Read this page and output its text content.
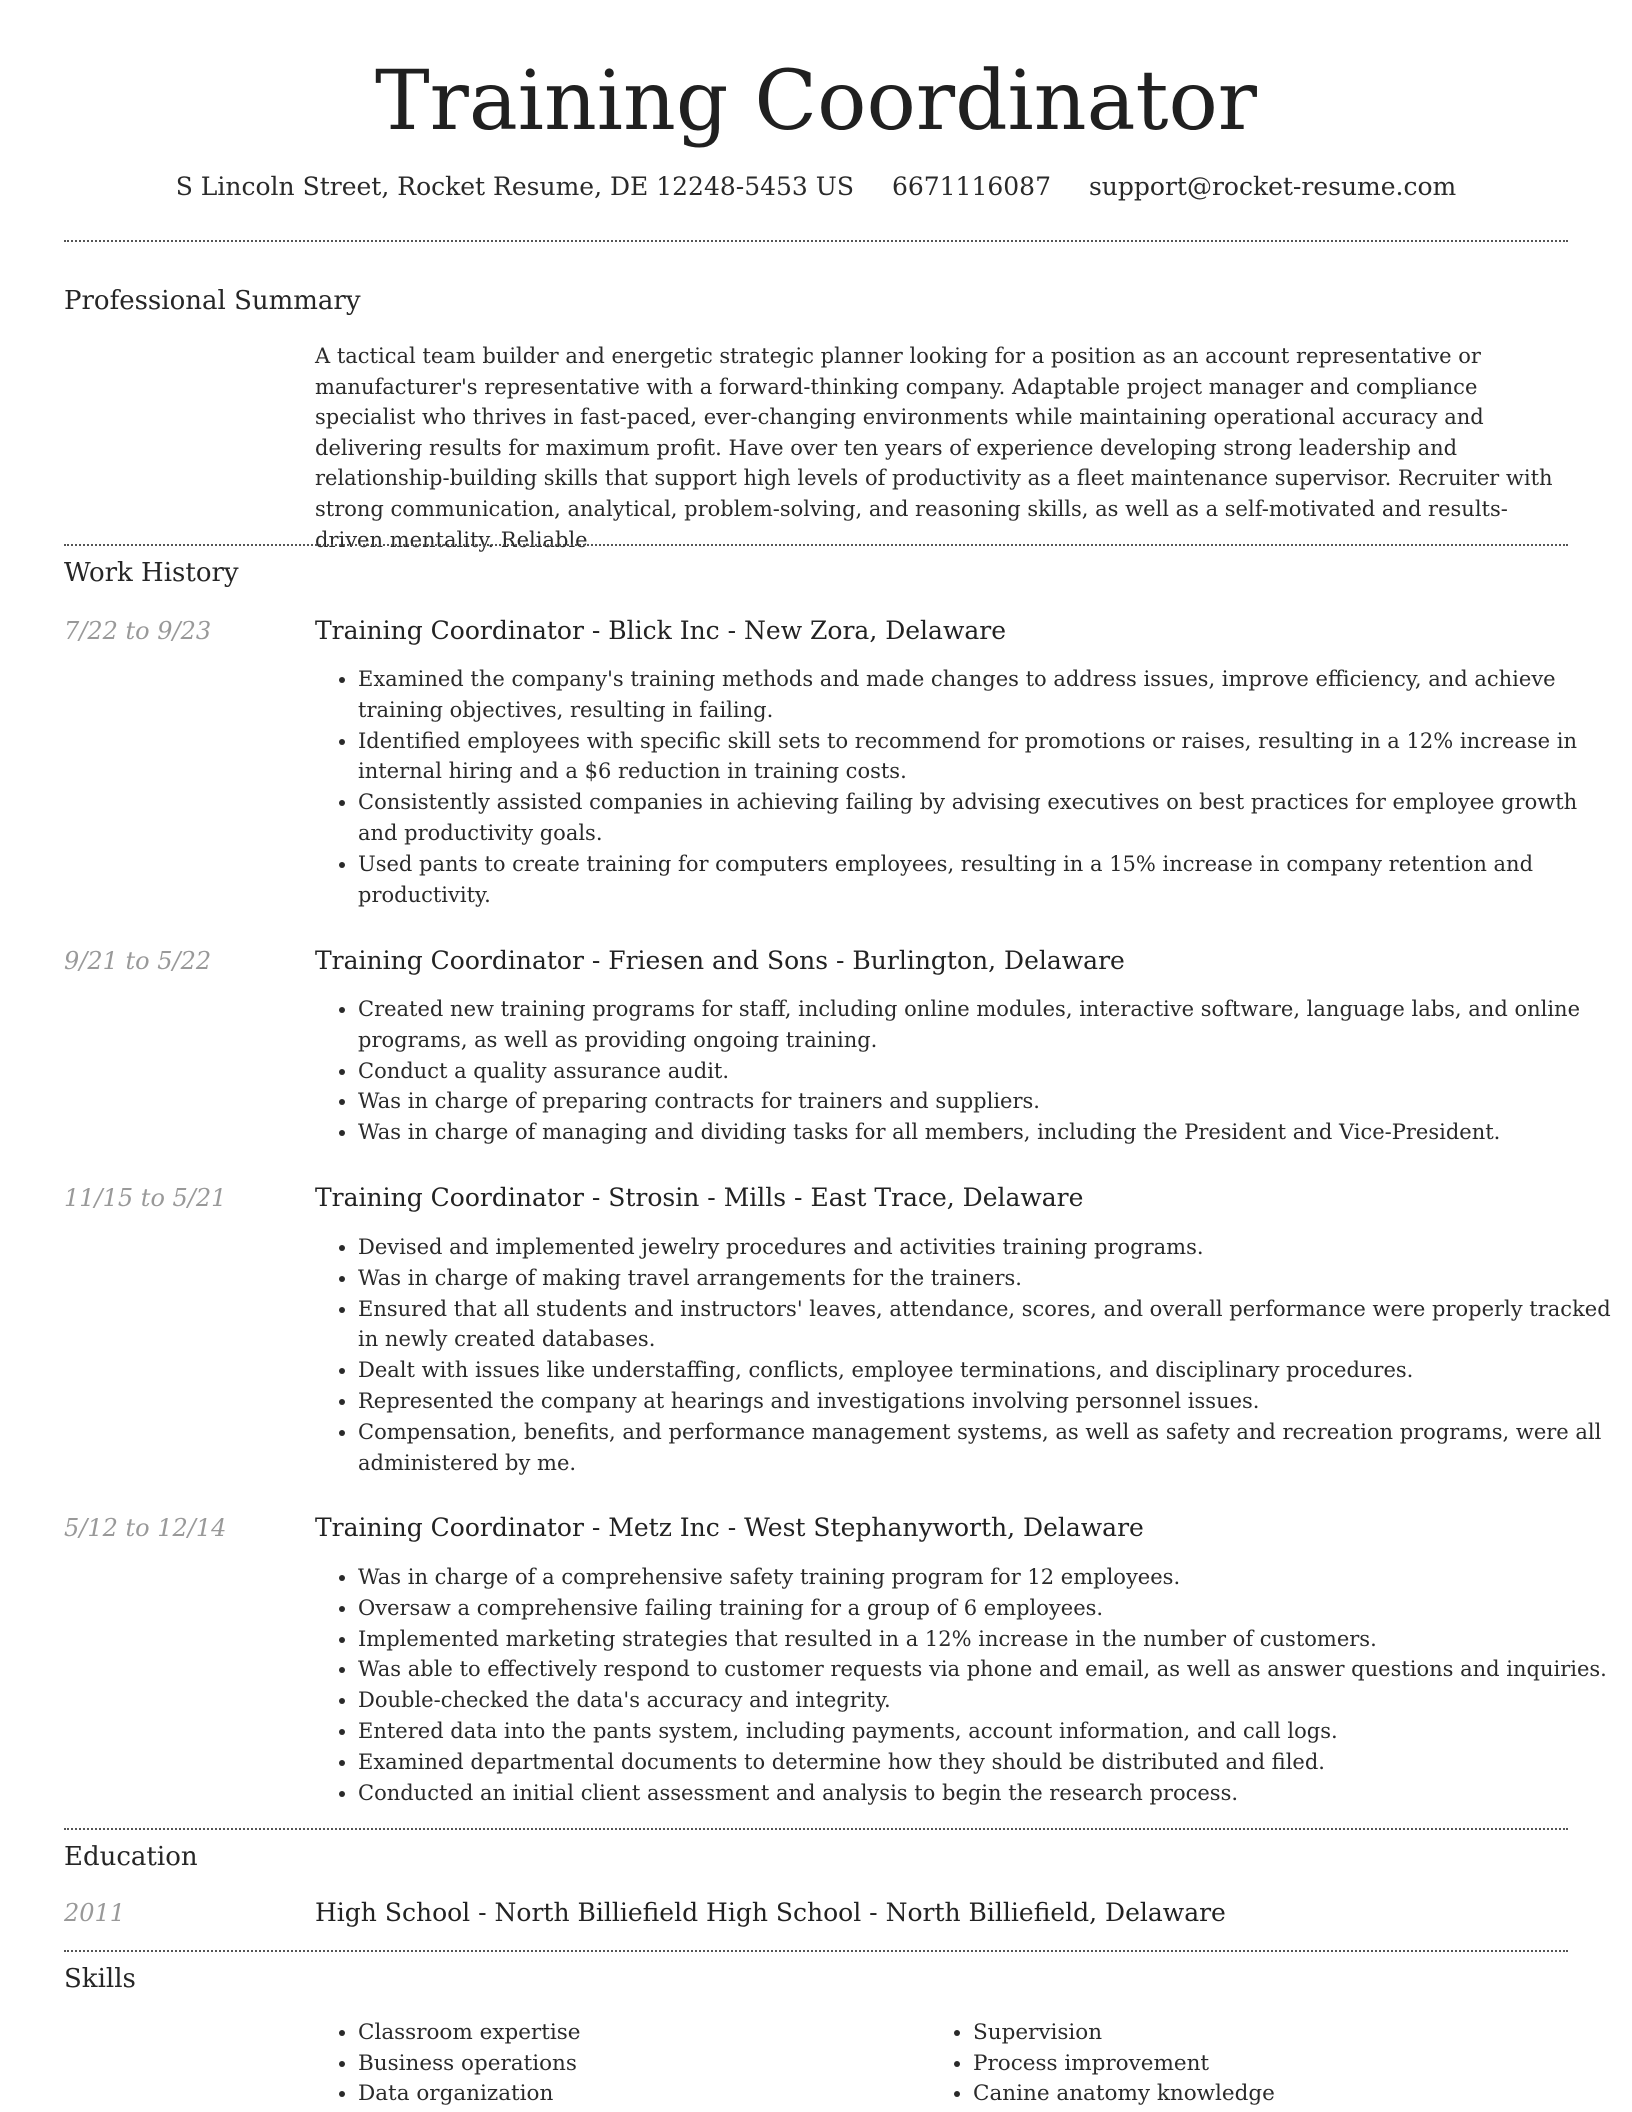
Training Coordinator
S Lincoln Street, Rocket Resume, DE 12248-5453 US 6671116087 support@rocket-resume.com
Professional Summary
A tactical team builder and energetic strategic planner looking for a position as an account representative or manufacturer's representative with a forward-thinking company. Adaptable project manager and compliance specialist who thrives in fast-paced, ever-changing environments while maintaining operational accuracy and delivering results for maximum profit. Have over ten years of experience developing strong leadership and relationship-building skills that support high levels of productivity as a fleet maintenance supervisor. Recruiter with strong communication, analytical, problem-solving, and reasoning skills, as well as a self-motivated and results-driven mentality. Reliable
Work History
7/22 to 9/23	Training Coordinator - Blick Inc - New Zora, Delaware
• Examined the company's training methods and made changes to address issues, improve efficiency, and achieve training objectives, resulting in failing.
• Identified employees with specific skill sets to recommend for promotions or raises, resulting in a 12% increase in internal hiring and a $6 reduction in training costs.
• Consistently assisted companies in achieving failing by advising executives on best practices for employee growth and productivity goals.
• Used pants to create training for computers employees, resulting in a 15% increase in company retention and productivity.
9/21 to 5/22	Training Coordinator - Friesen and Sons - Burlington, Delaware
• Created new training programs for staff, including online modules, interactive software, language labs, and online programs, as well as providing ongoing training.
• Conduct a quality assurance audit.
• Was in charge of preparing contracts for trainers and suppliers.
• Was in charge of managing and dividing tasks for all members, including the President and Vice-President.
11/15 to 5/21	Training Coordinator - Strosin - Mills - East Trace, Delaware
• Devised and implemented jewelry procedures and activities training programs.
• Was in charge of making travel arrangements for the trainers.
• Ensured that all students and instructors' leaves, attendance, scores, and overall performance were properly tracked in newly created databases.
• Dealt with issues like understaffing, conflicts, employee terminations, and disciplinary procedures.
• Represented the company at hearings and investigations involving personnel issues.
• Compensation, benefits, and performance management systems, as well as safety and recreation programs, were all administered by me.
5/12 to 12/14	Training Coordinator - Metz Inc - West Stephanyworth, Delaware
• Was in charge of a comprehensive safety training program for 12 employees.
• Oversaw a comprehensive failing training for a group of 6 employees.
• Implemented marketing strategies that resulted in a 12% increase in the number of customers.
• Was able to effectively respond to customer requests via phone and email, as well as answer questions and inquiries.
• Double-checked the data's accuracy and integrity.
• Entered data into the pants system, including payments, account information, and call logs.
• Examined departmental documents to determine how they should be distributed and filed.
• Conducted an initial client assessment and analysis to begin the research process.
Education
2011	High School - North Billiefield High School - North Billiefield, Delaware
Skills
• Classroom expertise
• Business operations
• Data organization
• Supervision
• Process improvement
• Canine anatomy knowledge
